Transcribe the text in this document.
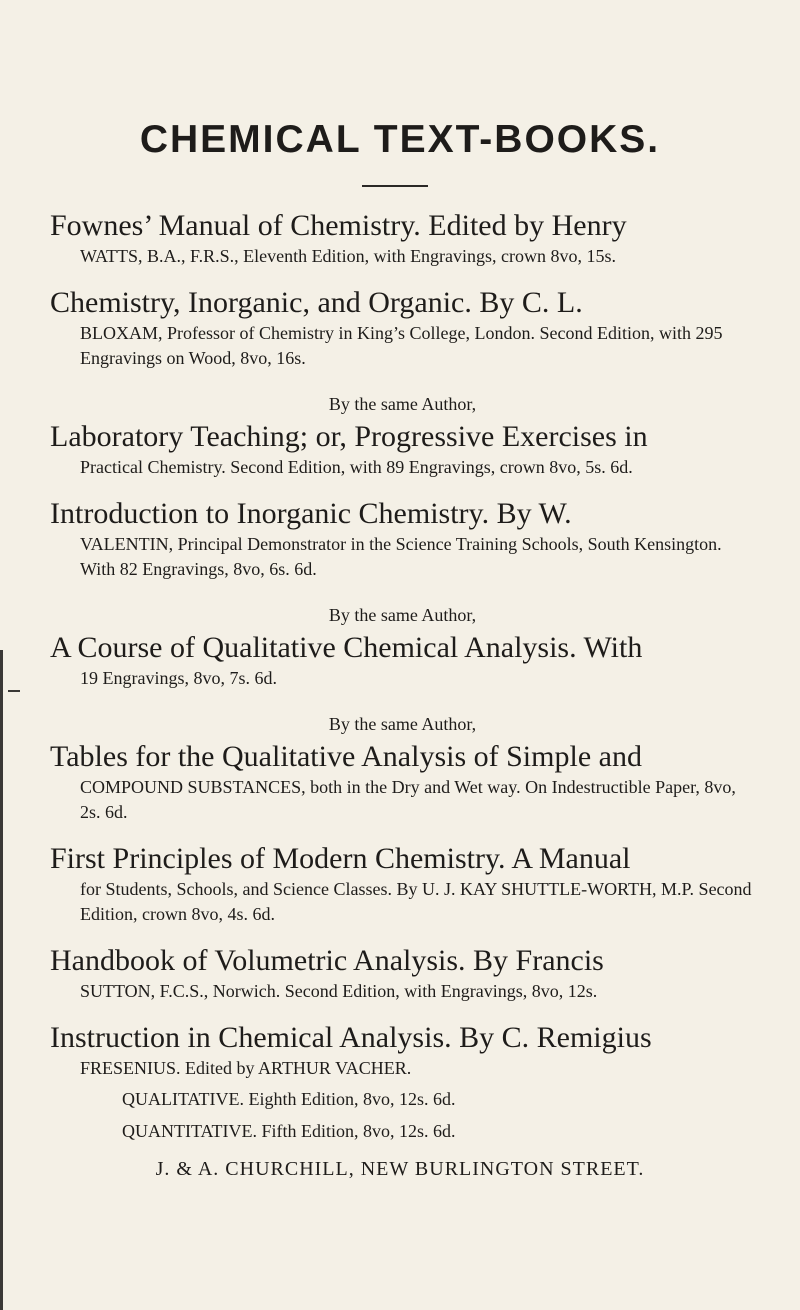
CHEMICAL TEXT-BOOKS.

Fownes’ Manual of Chemistry. Edited by Henry

WATTS, B.A., F.R.S., Eleventh Edition, with Engravings, crown 8vo, 15s.

Chemistry, Inorganic, and Organic. By C. L.

BLOXAM, Professor of Chemistry in King’s College, London. Second Edition, with 295 Engravings on Wood, 8vo, 16s.

By the same Author,

Laboratory Teaching; or, Progressive Exercises in

Practical Chemistry. Second Edition, with 89 Engravings, crown 8vo, 5s. 6d.

Introduction to Inorganic Chemistry. By W.

VALENTIN, Principal Demonstrator in the Science Training Schools, South Kensington. With 82 Engravings, 8vo, 6s. 6d.

By the same Author,

A Course of Qualitative Chemical Analysis. With

19 Engravings, 8vo, 7s. 6d.

By the same Author,

Tables for the Qualitative Analysis of Simple and

COMPOUND SUBSTANCES, both in the Dry and Wet way. On Indestructible Paper, 8vo, 2s. 6d.

First Principles of Modern Chemistry. A Manual

for Students, Schools, and Science Classes. By U. J. KAY SHUTTLE-WORTH, M.P. Second Edition, crown 8vo, 4s. 6d.

Handbook of Volumetric Analysis. By Francis

SUTTON, F.C.S., Norwich. Second Edition, with Engravings, 8vo, 12s.

Instruction in Chemical Analysis. By C. Remigius

FRESENIUS. Edited by ARTHUR VACHER.

QUALITATIVE. Eighth Edition, 8vo, 12s. 6d.

QUANTITATIVE. Fifth Edition, 8vo, 12s. 6d.

J. & A. CHURCHILL, NEW BURLINGTON STREET.
